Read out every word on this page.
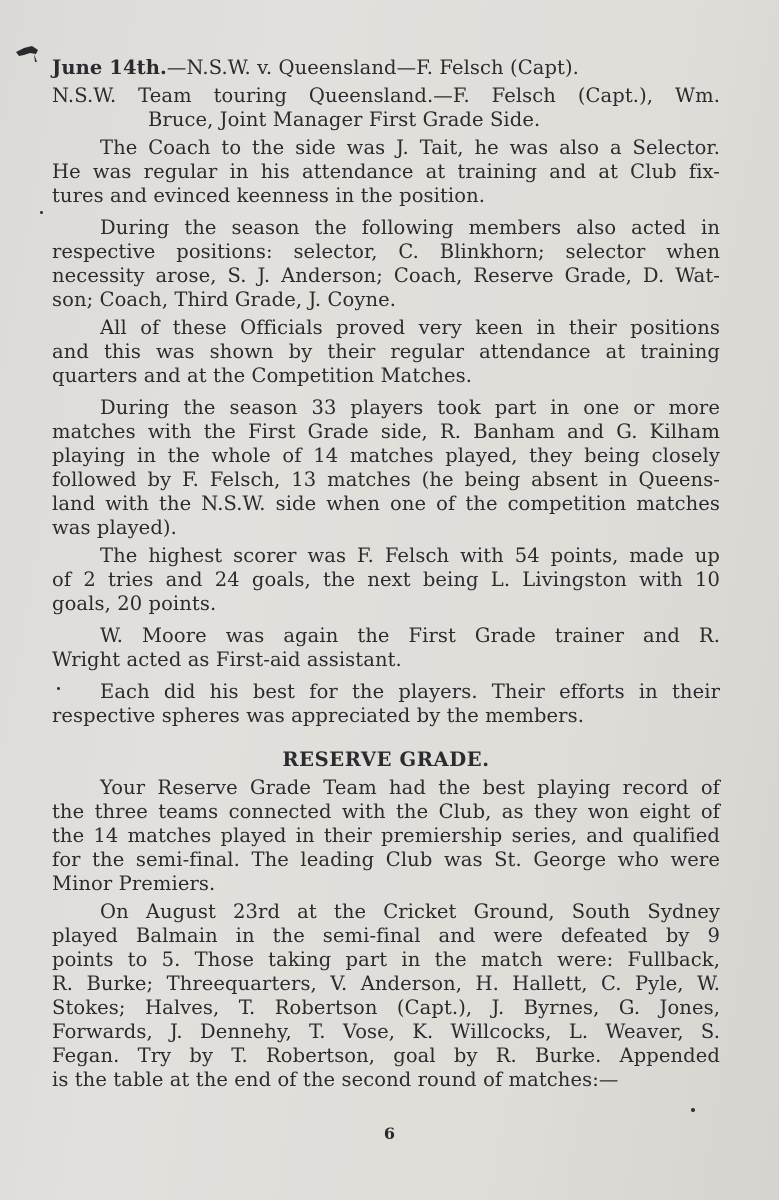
June 14th.—N.S.W. v. Queensland—F. Felsch (Capt).
N.S.W. Team touring Queensland.—F. Felsch (Capt.), Wm.
Bruce, Joint Manager First Grade Side.
The Coach to the side was J. Tait, he was also a Selector.
He was regular in his attendance at training and at Club fix-
tures and evinced keenness in the position.
During the season the following members also acted in
respective positions: selector, C. Blinkhorn; selector when
necessity arose, S. J. Anderson; Coach, Reserve Grade, D. Wat-
son; Coach, Third Grade, J. Coyne.
All of these Officials proved very keen in their positions
and this was shown by their regular attendance at training
quarters and at the Competition Matches.
During the season 33 players took part in one or more
matches with the First Grade side, R. Banham and G. Kilham
playing in the whole of 14 matches played, they being closely
followed by F. Felsch, 13 matches (he being absent in Queens-
land with the N.S.W. side when one of the competition matches
was played).
The highest scorer was F. Felsch with 54 points, made up
of 2 tries and 24 goals, the next being L. Livingston with 10
goals, 20 points.
W. Moore was again the First Grade trainer and R.
Wright acted as First-aid assistant.
Each did his best for the players. Their efforts in their
respective spheres was appreciated by the members.
RESERVE GRADE.
Your Reserve Grade Team had the best playing record of
the three teams connected with the Club, as they won eight of
the 14 matches played in their premiership series, and qualified
for the semi-final. The leading Club was St. George who were
Minor Premiers.
On August 23rd at the Cricket Ground, South Sydney
played Balmain in the semi-final and were defeated by 9
points to 5. Those taking part in the match were: Fullback,
R. Burke; Threequarters, V. Anderson, H. Hallett, C. Pyle, W.
Stokes; Halves, T. Robertson (Capt.), J. Byrnes, G. Jones,
Forwards, J. Dennehy, T. Vose, K. Willcocks, L. Weaver, S.
Fegan. Try by T. Robertson, goal by R. Burke. Appended
is the table at the end of the second round of matches:—
6
